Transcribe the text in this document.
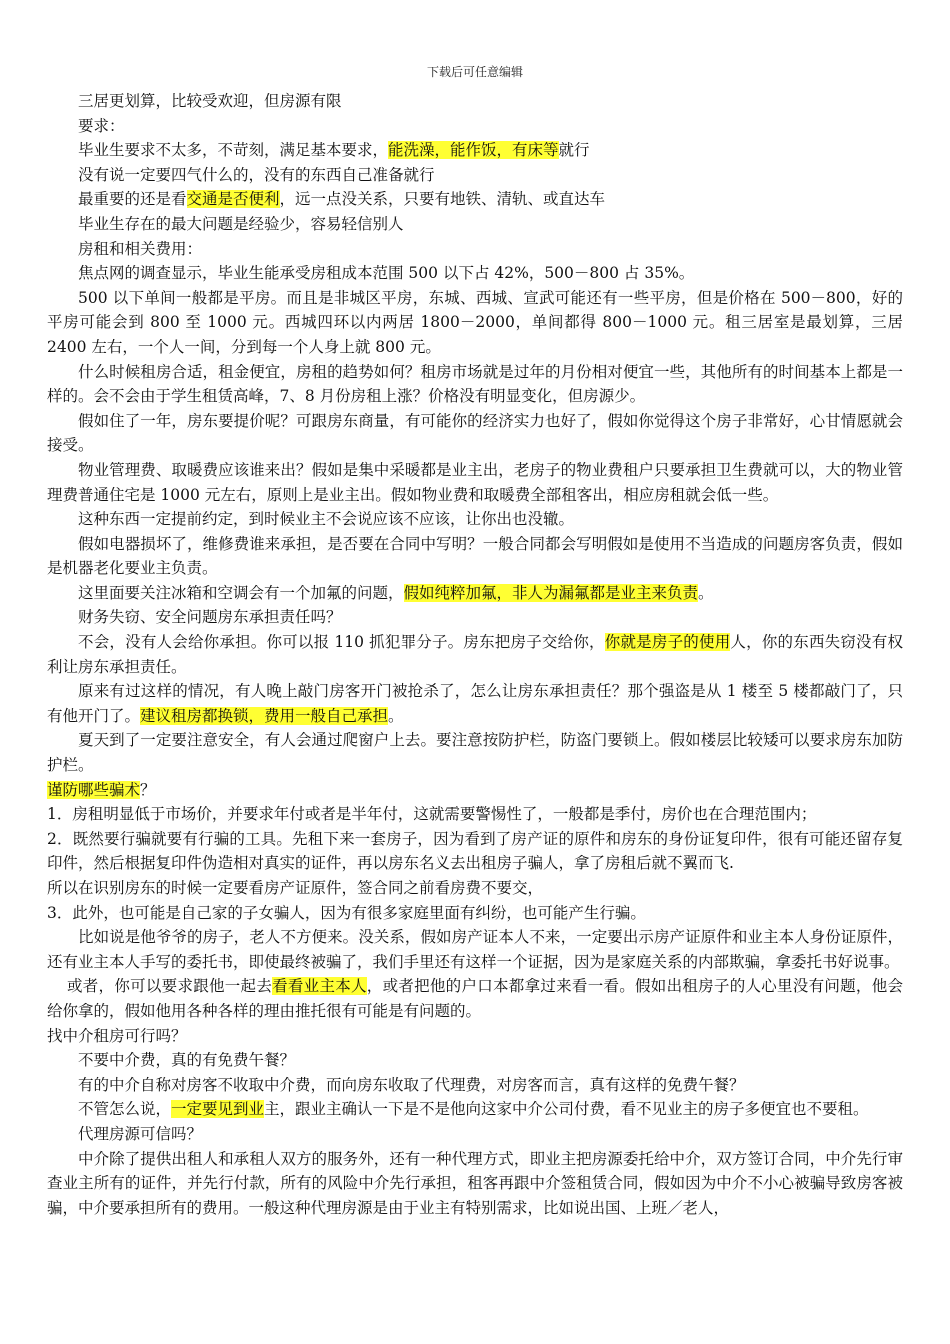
下载后可任意编辑

三居更划算，比较受欢迎，但房源有限

要求：

毕业生要求不太多，不苛刻，满足基本要求，能洗澡，能作饭，有床等就行

没有说一定要四气什么的，没有的东西自己准备就行

最重要的还是看交通是否便利，远一点没关系，只要有地铁、清轨、或直达车

毕业生存在的最大问题是经验少，容易轻信别人

房租和相关费用：

焦点网的调查显示，毕业生能承受房租成本范围 500 以下占 42%，500－800 占 35%。

500 以下单间一般都是平房。而且是非城区平房，东城、西城、宣武可能还有一些平房，但是价格在 500－800，好的平房可能会到 800 至 1000 元。西城四环以内两居 1800－2000，单间都得 800－1000 元。租三居室是最划算，三居 2400 左右，一个人一间，分到每一个人身上就 800 元。

什么时候租房合适，租金便宜，房租的趋势如何？租房市场就是过年的月份相对便宜一些，其他所有的时间基本上都是一样的。会不会由于学生租赁高峰，7、8 月份房租上涨？价格没有明显变化，但房源少。

假如住了一年，房东要提价呢？可跟房东商量，有可能你的经济实力也好了，假如你觉得这个房子非常好，心甘情愿就会接受。

物业管理费、取暖费应该谁来出？假如是集中采暖都是业主出，老房子的物业费租户只要承担卫生费就可以，大的物业管理费普通住宅是 1000 元左右，原则上是业主出。假如物业费和取暖费全部租客出，相应房租就会低一些。

这种东西一定提前约定，到时候业主不会说应该不应该，让你出也没辙。

假如电器损坏了，维修费谁来承担，是否要在合同中写明？一般合同都会写明假如是使用不当造成的问题房客负责，假如是机器老化要业主负责。

这里面要关注冰箱和空调会有一个加氟的问题，假如纯粹加氟，非人为漏氟都是业主来负责。

财务失窃、安全问题房东承担责任吗？

不会，没有人会给你承担。你可以报 110 抓犯罪分子。房东把房子交给你，你就是房子的使用人，你的东西失窃没有权利让房东承担责任。

原来有过这样的情况，有人晚上敲门房客开门被抢杀了，怎么让房东承担责任？那个强盗是从 1 楼至 5 楼都敲门了，只有他开门了。建议租房都换锁，费用一般自己承担。

夏天到了一定要注意安全，有人会通过爬窗户上去。要注意按防护栏，防盗门要锁上。假如楼层比较矮可以要求房东加防护栏。

谨防哪些骗术？

1．房租明显低于市场价，并要求年付或者是半年付，这就需要警惕性了，一般都是季付，房价也在合理范围内；

2．既然要行骗就要有行骗的工具。先租下来一套房子，因为看到了房产证的原件和房东的身份证复印件，很有可能还留存复印件，然后根据复印件伪造相对真实的证件，再以房东名义去出租房子骗人，拿了房租后就不翼而飞.

所以在识别房东的时候一定要看房产证原件，签合同之前看房费不要交，

3．此外，也可能是自己家的子女骗人，因为有很多家庭里面有纠纷，也可能产生行骗。

比如说是他爷爷的房子，老人不方便来。没关系，假如房产证本人不来，一定要出示房产证原件和业主本人身份证原件，还有业主本人手写的委托书，即使最终被骗了，我们手里还有这样一个证据，因为是家庭关系的内部欺骗，拿委托书好说事。

或者，你可以要求跟他一起去看看业主本人，或者把他的户口本都拿过来看一看。假如出租房子的人心里没有问题，他会给你拿的，假如他用各种各样的理由推托很有可能是有问题的。

找中介租房可行吗？

不要中介费，真的有免费午餐？

有的中介自称对房客不收取中介费，而向房东收取了代理费，对房客而言，真有这样的免费午餐？

不管怎么说，一定要见到业主，跟业主确认一下是不是他向这家中介公司付费，看不见业主的房子多便宜也不要租。

代理房源可信吗？

中介除了提供出租人和承租人双方的服务外，还有一种代理方式，即业主把房源委托给中介，双方签订合同，中介先行审查业主所有的证件，并先行付款，所有的风险中介先行承担，租客再跟中介签租赁合同，假如因为中介不小心被骗导致房客被骗，中介要承担所有的费用。一般这种代理房源是由于业主有特别需求，比如说出国、上班／老人，
